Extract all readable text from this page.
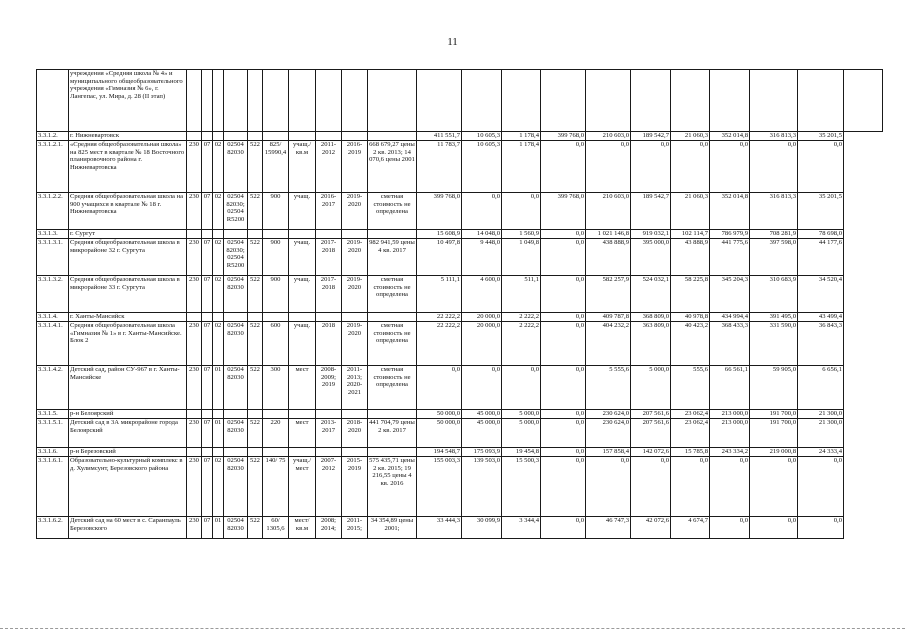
11
	учреждения «Средняя школа № 4» и муниципального общеобразовательного учреждения «Гимназия № 6», г. Лангепас, ул. Мира, д. 28 (II этап)																					
3.3.1.2.	г. Нижневартовск											411 551,7	10 605,3	1 178,4	399 768,0	210 603,0	189 542,7	21 060,3	352 014,8	316 813,3	35 201,5	
3.3.1.2.1.	«Средняя общеобразовательная школа» на 825 мест в квартале № 18 Восточного планировочного района г. Нижневартовска	230	07	02	02504 82030	522	825/ 15990,4	учащ./ кв.м	2011- 2012	2016- 2019	668 679,27 цены 2 кв. 2013; 14 070,6 цены 2001	11 783,7	10 605,3	1 178,4	0,0	0,0	0,0	0,0	0,0	0,0	0,0	
3.3.1.2.2.	Средняя общеобразовательная школа на 900 учащихся в квартале № 18 г. Нижневартовска	230	07	02	02504 82030; 02504 R5200	522	900	учащ.	2016- 2017	2019- 2020	сметная стоимость не определена	399 768,0	0,0	0,0	399 768,0	210 603,0	189 542,7	21 060,3	352 014,8	316 813,3	35 201,5	
3.3.1.3.	г. Сургут											15 608,9	14 048,0	1 560,9	0,0	1 021 146,8	919 032,1	102 114,7	786 979,9	708 281,9	78 698,0	
3.3.1.3.1.	Средняя общеобразовательная школа в микрорайоне 32 г. Сургута	230	07	02	02504 82030; 02504 R5200	522	900	учащ.	2017- 2018	2019- 2020	982 941,59 цены 4 кв. 2017	10 497,8	9 448,0	1 049,8	0,0	438 888,9	395 000,0	43 888,9	441 775,6	397 598,0	44 177,6	
3.3.1.3.2.	Средняя общеобразовательная школа в микрорайоне 33 г. Сургута	230	07	02	02504 82030	522	900	учащ.	2017- 2018	2019- 2020	сметная стоимость не определена	5 111,1	4 600,0	511,1	0,0	582 257,9	524 032,1	58 225,8	345 204,3	310 683,9	34 520,4	
3.3.1.4.	г. Ханты-Мансийск											22 222,2	20 000,0	2 222,2	0,0	409 787,8	368 809,0	40 978,8	434 994,4	391 495,0	43 499,4	
3.3.1.4.1.	Средняя общеобразовательная школа «Гимназия № 1» в г. Ханты-Мансийске. Блок 2	230	07	02	02504 82030	522	600	учащ.	2018	2019- 2020	сметная стоимость не определена	22 222,2	20 000,0	2 222,2	0,0	404 232,2	363 809,0	40 423,2	368 433,3	331 590,0	36 843,3	
3.3.1.4.2.	Детский сад, район СУ-967 в г. Ханты-Мансийске	230	07	01	02504 82030	522	300	мест	2008- 2009; 2019	2011- 2013; 2020- 2021	сметная стоимость не определена	0,0	0,0	0,0	0,0	5 555,6	5 000,0	555,6	66 561,1	59 905,0	6 656,1	
3.3.1.5.	р-н Белоярский											50 000,0	45 000,0	5 000,0	0,0	230 624,0	207 561,6	23 062,4	213 000,0	191 700,0	21 300,0	
3.3.1.5.1.	Детский сад в 3А микрорайоне города Белоярский	230	07	01	02504 82030	522	220	мест	2013- 2017	2018- 2020	441 704,79 цены 2 кв. 2017	50 000,0	45 000,0	5 000,0	0,0	230 624,0	207 561,6	23 062,4	213 000,0	191 700,0	21 300,0	
3.3.1.6.	р-н Березовский											194 548,7	175 093,9	19 454,8	0,0	157 858,4	142 072,6	15 785,8	243 334,2	219 000,8	24 333,4	
3.3.1.6.1.	Образовательно-культурный комплекс в д. Хулимсунт, Березовского района	230	07	02	02504 82030	522	140/ 75	учащ./ мест	2007- 2012	2015- 2019	575 435,71 цены 2 кв. 2015; 19 216,55 цены 4 кв. 2016	155 003,3	139 503,0	15 500,3	0,0	0,0	0,0	0,0	0,0	0,0	0,0	
3.3.1.6.2.	Детский сад на 60 мест в с. Саранпауль Березовского	230	07	01	02504 82030	522	60/ 1305,6	мест/ кв.м	2008; 2014;	2011- 2015;	34 354,89 цены 2001;	33 444,3	30 099,9	3 344,4	0,0	46 747,3	42 072,6	4 674,7	0,0	0,0	0,0	
